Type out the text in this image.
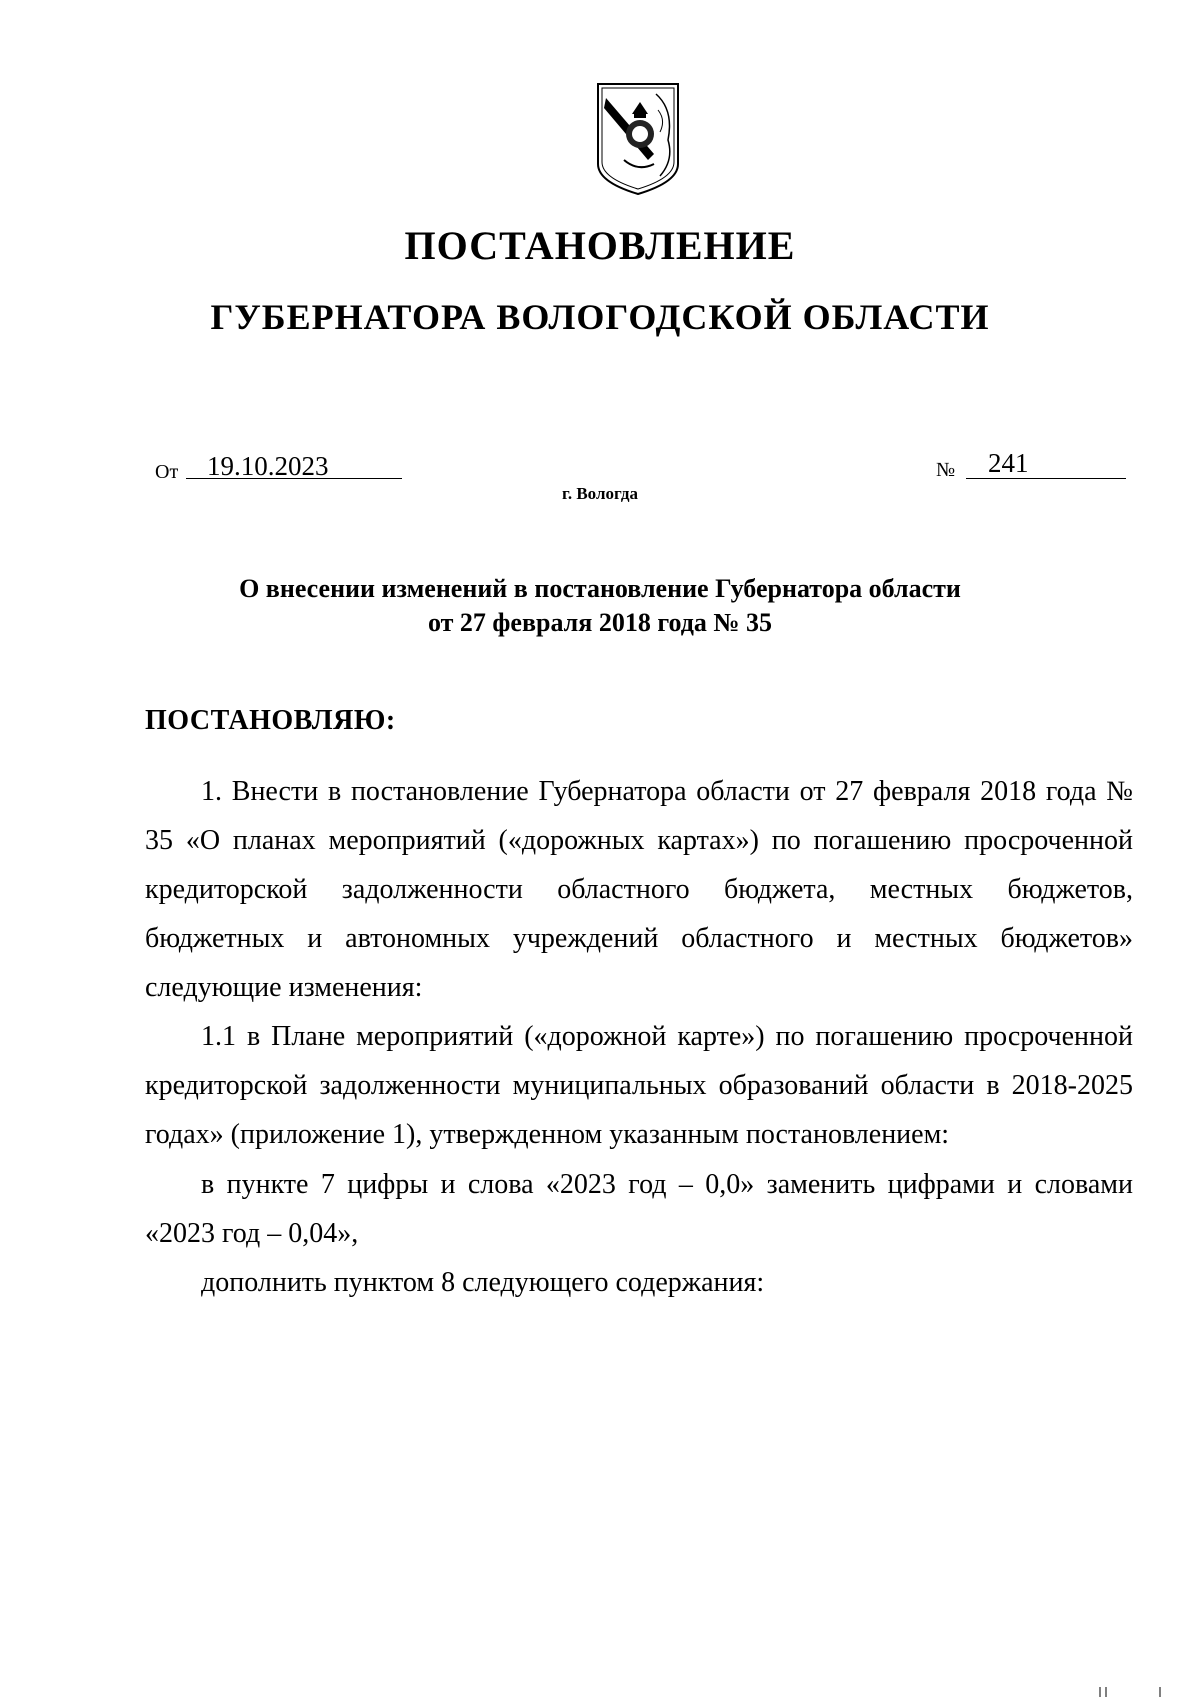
ПОСТАНОВЛЕНИЕ
ГУБЕРНАТОРА ВОЛОГОДСКОЙ ОБЛАСТИ
От 19.10.2023	№ 241
г. Вологда
О внесении изменений в постановление Губернатора области
от 27 февраля 2018 года № 35
ПОСТАНОВЛЯЮ:

1. Внести в постановление Губернатора области от 27 февраля 2018 года № 35 «О планах мероприятий («дорожных картах») по погашению просроченной кредиторской задолженности областного бюджета, местных бюджетов, бюджетных и автономных учреждений областного и местных бюджетов» следующие изменения:

1.1 в Плане мероприятий («дорожной карте») по погашению просроченной кредиторской задолженности муниципальных образований области в 2018-2025 годах» (приложение 1), утвержденном указанным постановлением:

в пункте 7 цифры и слова «2023 год – 0,0» заменить цифрами и словами «2023 год – 0,04»,

дополнить пунктом 8 следующего содержания:
